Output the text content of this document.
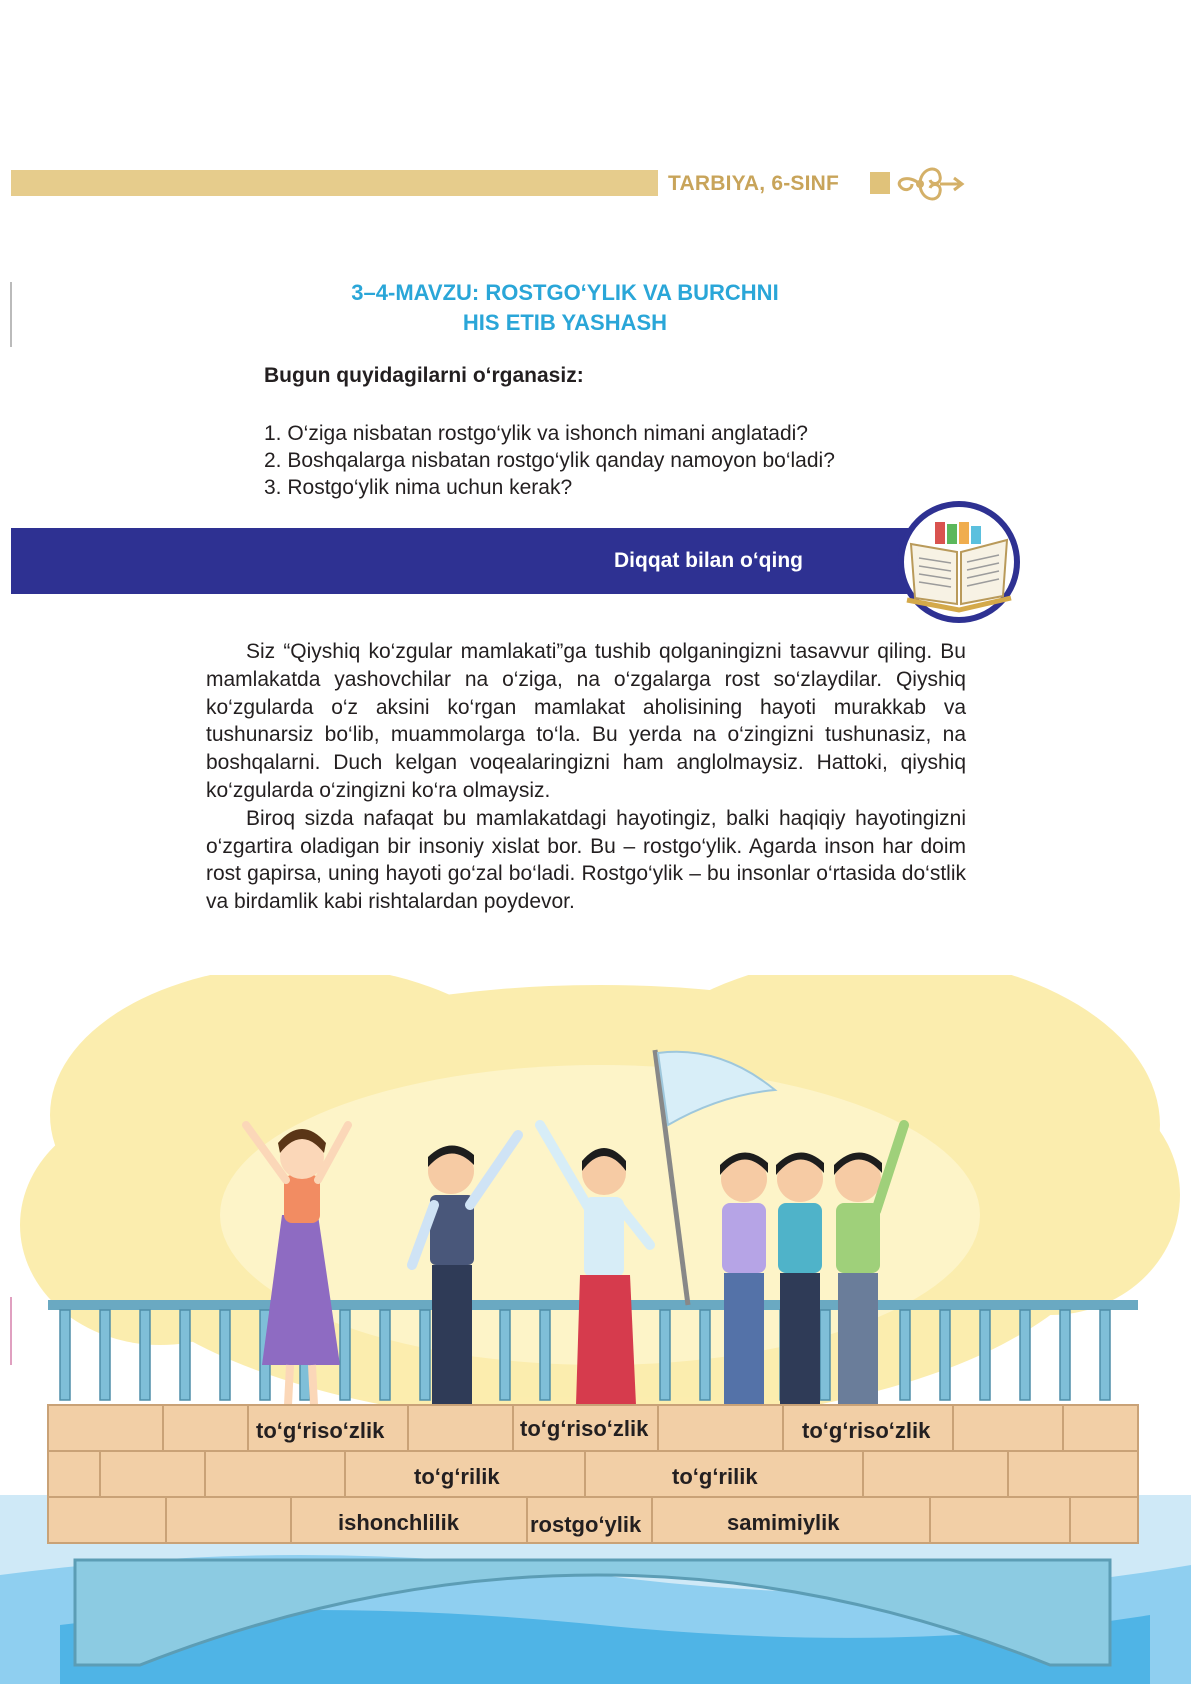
TARBIYA, 6-SINF
3–4-MAVZU: ROSTGO‘YLIK VA BURCHNI
HIS ETIB YASHASH
Bugun quyidagilarni o‘rganasiz:
1. O‘ziga nisbatan rostgo‘ylik va ishonch nimani anglatadi?
2. Boshqalarga nisbatan rostgo‘ylik qanday namoyon bo‘ladi?
3. Rostgo‘ylik nima uchun kerak?
Diqqat bilan o‘qing

Siz “Qiyshiq ko‘zgular mamlakati”ga tushib qolganingizni tasavvur qiling. Bu mamlakatda yashovchilar na o‘ziga, na o‘zgalarga rost so‘zlaydilar. Qiyshiq ko‘zgularda o‘z aksini ko‘rgan mamlakat aholisining hayoti murakkab va tushunarsiz bo‘lib, muammolarga to‘la. Bu yerda na o‘zingizni tushunasiz, na boshqalarni. Duch kelgan voqealaringizni ham anglolmaysiz. Hattoki, qiyshiq ko‘zgularda o‘zingizni ko‘ra olmaysiz.

Biroq sizda nafaqat bu mamlakatdagi hayotingiz, balki haqiqiy hayotingizni o‘zgartira oladigan bir insoniy xislat bor. Bu – rostgo‘ylik. Agarda inson har doim rost gapirsa, uning hayoti go‘zal bo‘ladi. Rostgo‘ylik – bu insonlar o‘rtasida do‘stlik va birdamlik kabi rishtalardan poydevor.

to‘g‘riso‘zlik	to‘g‘riso‘zlik	to‘g‘riso‘zlik
to‘g‘rilik	to‘g‘rilik
ishonchlilik	rostgo‘ylik	samimiylik
